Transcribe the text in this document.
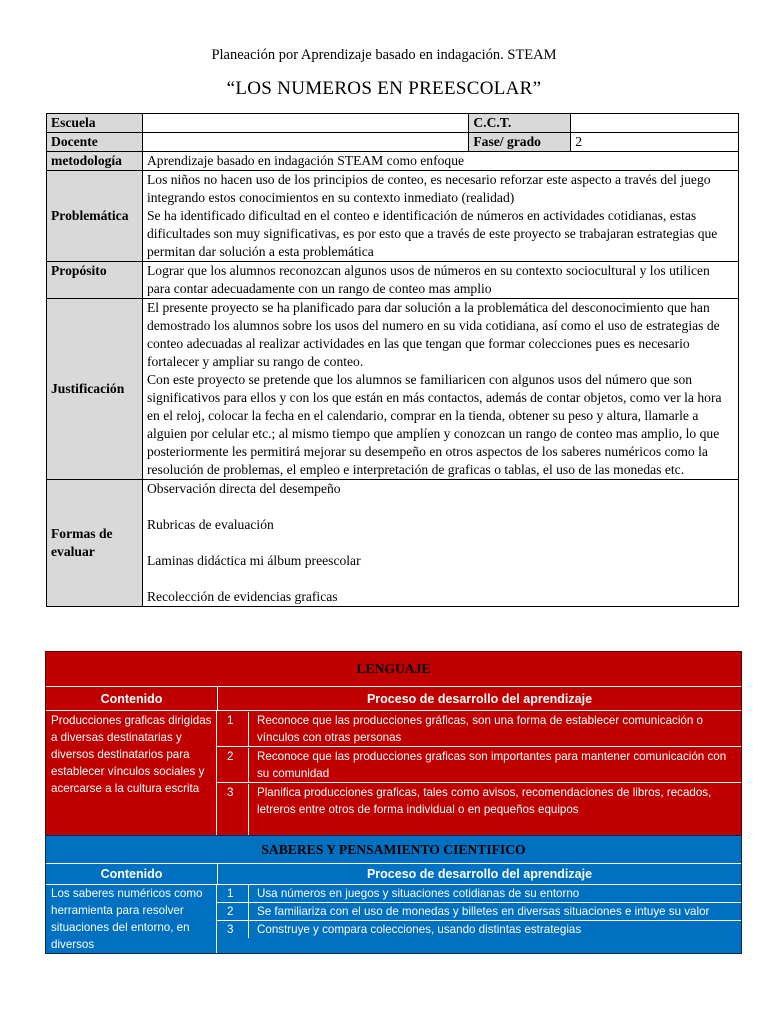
Planeación por Aprendizaje basado en indagación. STEAM
“LOS NUMEROS EN PREESCOLAR”
Escuela		C.C.T.	
Docente		Fase/ grado	2
metodología	Aprendizaje basado en indagación STEAM como enfoque		
Problemática	Los niños no hacen uso de los principios de conteo, es necesario reforzar este aspecto a través del juego integrando estos conocimientos en su contexto inmediato (realidad)

Se ha identificado dificultad en el conteo e identificación de números en actividades cotidianas, estas dificultades son muy significativas, es por esto que a través de este proyecto se trabajaran estrategias que permitan dar solución a esta problemática		

Propósito	Lograr que los alumnos reconozcan algunos usos de números en su contexto sociocultural y los utilicen para contar adecuadamente con un rango de conteo mas amplio		
Justificación	El presente proyecto se ha planificado para dar solución a la problemática del desconocimiento que han demostrado los alumnos sobre los usos del numero en su vida cotidiana, así como el uso de estrategias de conteo adecuadas al realizar actividades en las que tengan que formar colecciones pues es necesario fortalecer y ampliar su rango de conteo.

Con este proyecto se pretende que los alumnos se familiaricen con algunos usos del número que son significativos para ellos y con los que están en más contactos, además de contar objetos, como ver la hora en el reloj, colocar la fecha en el calendario, comprar en la tienda, obtener su peso y altura, llamarle a alguien por celular etc.; al mismo tiempo que amplíen y conozcan un rango de conteo mas amplio, lo que posteriormente les permitirá mejorar su desempeño en otros aspectos de los saberes numéricos como la resolución de problemas, el empleo e interpretación de graficas o tablas, el uso de las monedas etc.		

Formas de evaluar	Observación directa del desempeño

Rubricas de evaluación

Laminas didáctica mi álbum preescolar

Recolección de evidencias graficas		

LENGUAJE
Contenido	Proceso de desarrollo del aprendizaje
Producciones graficas dirigidas a diversas destinatarias y diversos destinatarios para establecer vínculos sociales y acercarse a la cultura escrita
1	Reconoce que las producciones gráficas, son una forma de establecer comunicación o vínculos con otras personas
2	Reconoce que las producciones graficas son importantes para mantener comunicación con su comunidad
3	Planifica producciones graficas, tales como avisos, recomendaciones de libros, recados, letreros entre otros de forma individual o en pequeños equipos
SABERES Y PENSAMIENTO CIENTIFICO
Contenido	Proceso de desarrollo del aprendizaje
Los saberes numéricos como herramienta para resolver situaciones del entorno, en diversos
1	Usa números en juegos y situaciones cotidianas de su entorno
2	Se familiariza con el uso de monedas y billetes en diversas situaciones e intuye su valor
3	Construye y compara colecciones, usando distintas estrategias
